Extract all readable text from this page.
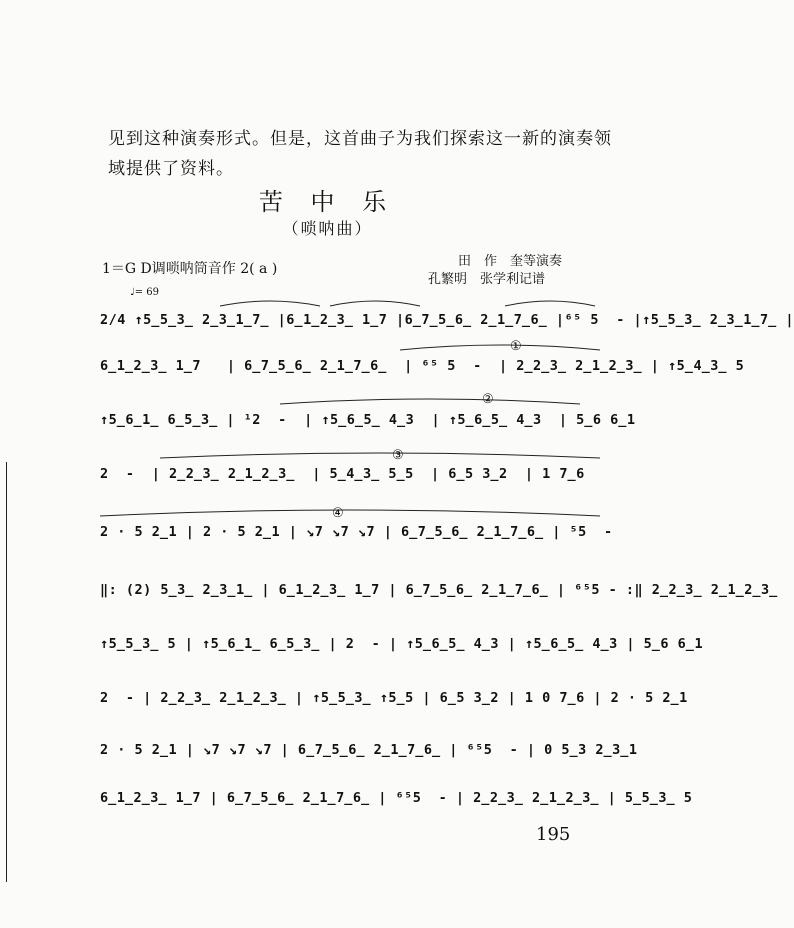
见到这种演奏形式。但是，这首曲子为我们探索这一新的演奏领
域提供了资料。
苦 中 乐
（唢呐曲）
1＝G D调唢呐筒音作 2( a )	田　作　奎等演奏
孔繁明　张学利记谱
♩= 69
2/4 ↑5̲5̲3̲ 2̲3̲1̲7̲ |6̲1̲2̲3̲ 1̲7 |6̲7̲5̲6̲ 2̲1̲7̲6̲ |⁶⁵ 5  - |↑5̲5̲3̲ 2̲3̲1̲7̲ |
6̲1̲2̲3̲ 1̲7   | 6̲7̲5̲6̲ 2̲1̲7̲6̲  | ⁶⁵ 5  -  | 2̲2̲3̲ 2̲1̲2̲3̲ | ↑5̲4̲3̲ 5
①
↑5̲6̲1̲ 6̲5̲3̲ | ¹2  -  | ↑5̲6̲5̲ 4̲3  | ↑5̲6̲5̲ 4̲3  | 5̲6 6̲1
②
2  -  | 2̲2̲3̲ 2̲1̲2̲3̲  | 5̲4̲3̲ 5̲5  | 6̲5 3̲2  | 1 7̲6
③
2 · 5 2̲1 | 2 · 5 2̲1 | ↘7 ↘7 ↘7 | 6̲7̲5̲6̲ 2̲1̲7̲6̲ | ⁵5  -
④
‖: (2) 5̲3̲ 2̲3̲1̲ | 6̲1̲2̲3̲ 1̲7 | 6̲7̲5̲6̲ 2̲1̲7̲6̲ | ⁶⁵5 - :‖ 2̲2̲3̲ 2̲1̲2̲3̲
↑5̲5̲3̲ 5 | ↑5̲6̲1̲ 6̲5̲3̲ | 2  - | ↑5̲6̲5̲ 4̲3 | ↑5̲6̲5̲ 4̲3 | 5̲6 6̲1
2  - | 2̲2̲3̲ 2̲1̲2̲3̲ | ↑5̲5̲3̲ ↑5̲5 | 6̲5 3̲2 | 1 0 7̲6 | 2 · 5 2̲1
2 · 5 2̲1 | ↘7 ↘7 ↘7 | 6̲7̲5̲6̲ 2̲1̲7̲6̲ | ⁶⁵5  - | 0 5̲3 2̲3̲1
6̲1̲2̲3̲ 1̲7 | 6̲7̲5̲6̲ 2̲1̲7̲6̲ | ⁶⁵5  - | 2̲2̲3̲ 2̲1̲2̲3̲ | 5̲5̲3̲ 5
195
